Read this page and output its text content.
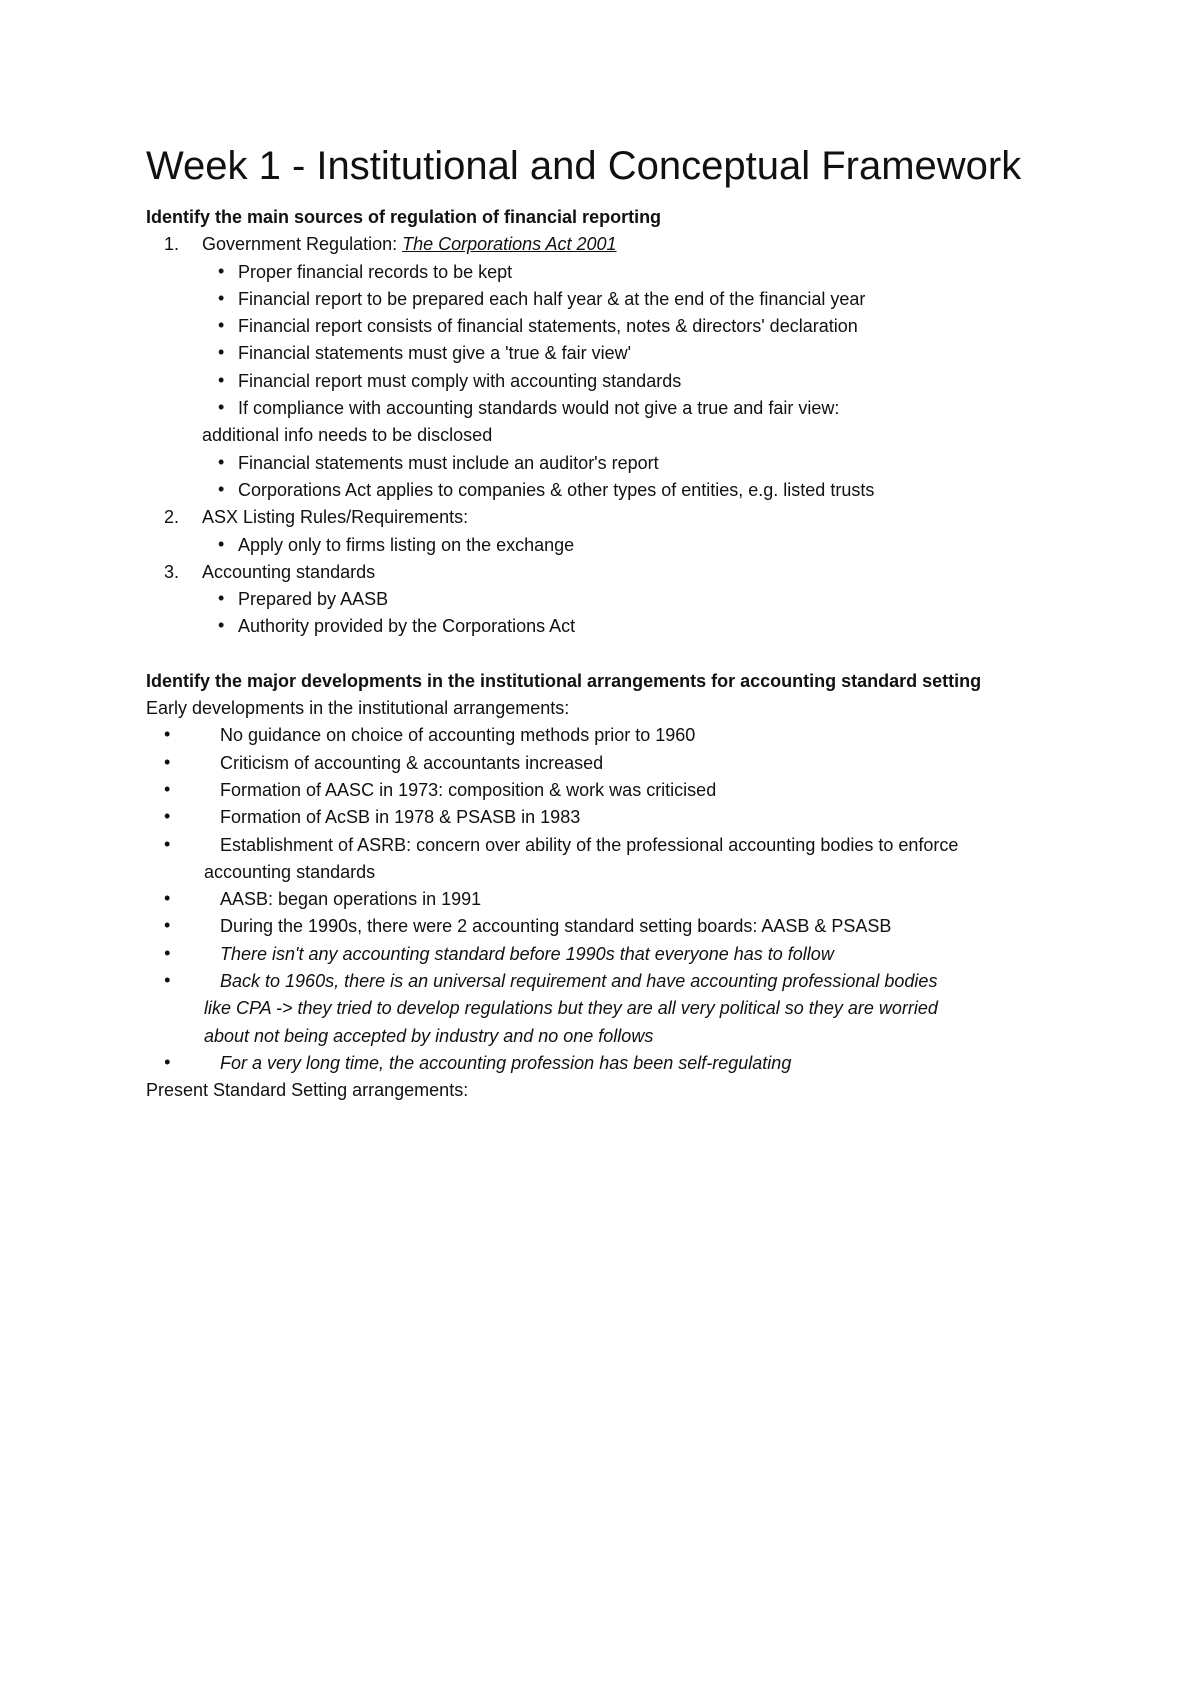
Week 1 - Institutional and Conceptual Framework

Identify the main sources of regulation of financial reporting

1.	Government Regulation: The Corporations Act 2001
• Proper financial records to be kept
• Financial report to be prepared each half year & at the end of the financial year
• Financial report consists of financial statements, notes & directors' declaration
• Financial statements must give a 'true & fair view'
• Financial report must comply with accounting standards
• If compliance with accounting standards would not give a true and fair view:
additional info needs to be disclosed
• Financial statements must include an auditor's report
• Corporations Act applies to companies & other types of entities, e.g. listed trusts
2.	ASX Listing Rules/Requirements:
• Apply only to firms listing on the exchange
3.	Accounting standards
• Prepared by AASB
• Authority provided by the Corporations Act

Identify the major developments in the institutional arrangements for accounting standard setting

Early developments in the institutional arrangements:

•	No guidance on choice of accounting methods prior to 1960
•	Criticism of accounting & accountants increased
•	Formation of AASC in 1973: composition & work was criticised
•	Formation of AcSB in 1978 & PSASB in 1983
•	Establishment of ASRB: concern over ability of the professional accounting bodies to enforce
accounting standards
•	AASB: began operations in 1991
•	During the 1990s, there were 2 accounting standard setting boards: AASB & PSASB
•	There isn't any accounting standard before 1990s that everyone has to follow
•	Back to 1960s, there is an universal requirement and have accounting professional bodies
like CPA -> they tried to develop regulations but they are all very political so they are worried
about not being accepted by industry and no one follows
•	For a very long time, the accounting profession has been self-regulating

Present Standard Setting arrangements:
